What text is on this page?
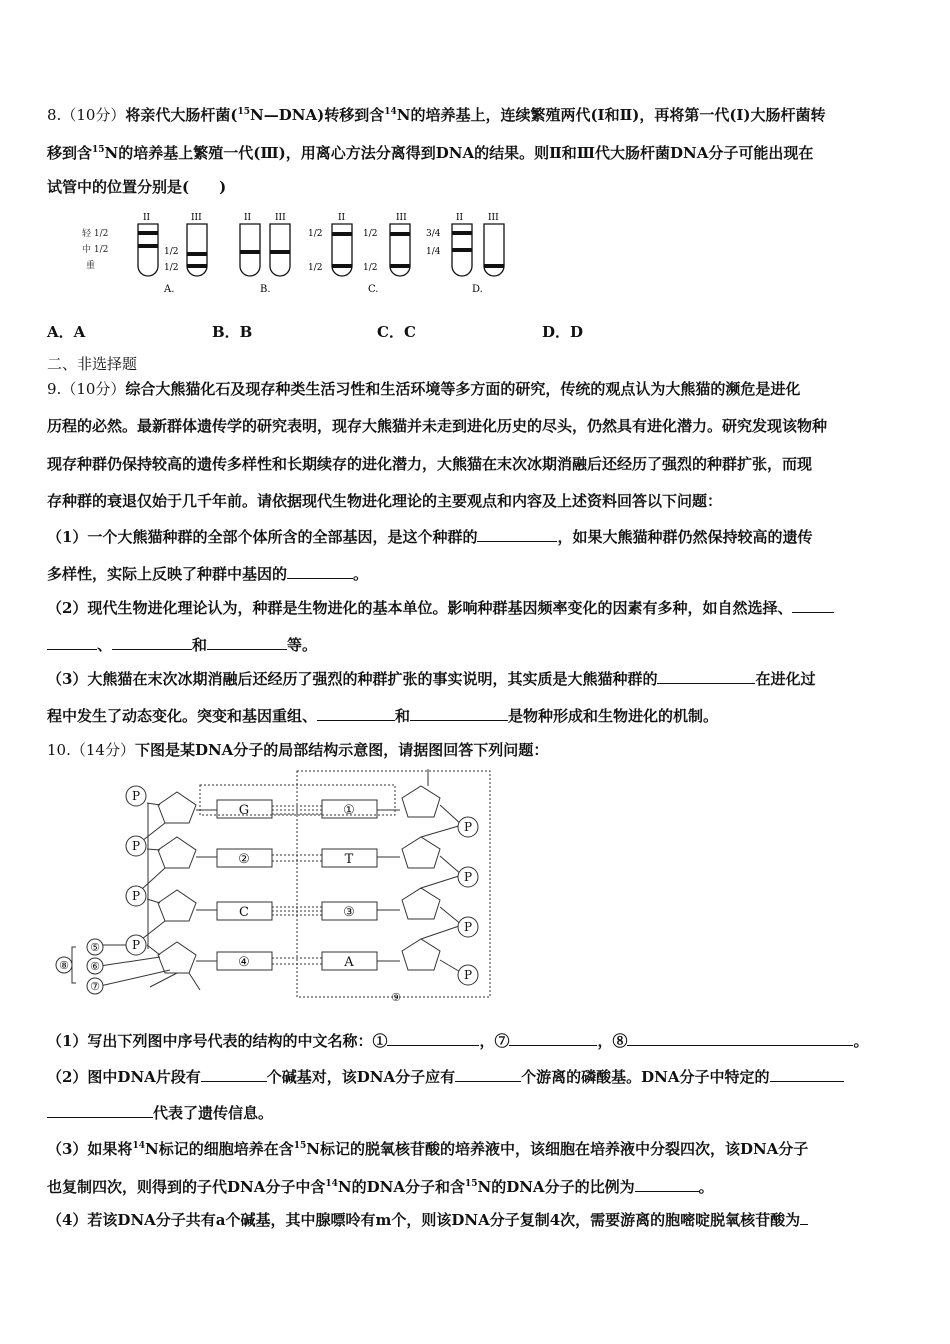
8.（10分）将亲代大肠杆菌($^{15}$N—DNA)转移到含$^{14}$N的培养基上，连续繁殖两代(Ⅰ和Ⅱ)，再将第一代(Ⅰ)大肠杆菌转
移到含$^{15}$N的培养基上繁殖一代(Ⅲ)，用离心方法分离得到DNA的结果。则Ⅱ和Ⅲ代大肠杆菌DNA分子可能出现在
试管中的位置分别是(　　)
轻 1/2
中 1/2
重
II	III
1/2
1/2
A.
II	III
B.
II	III
1/2
1/2
1/2
1/2
C.
II	III
3/4
1/4
D.
A．A	B．B	C．C	D．D
二、非选择题
9.（10分）综合大熊猫化石及现存种类生活习性和生活环境等多方面的研究，传统的观点认为大熊猫的濒危是进化
历程的必然。最新群体遗传学的研究表明，现存大熊猫并未走到进化历史的尽头，仍然具有进化潜力。研究发现该物种
现存种群仍保持较高的遗传多样性和长期续存的进化潜力，大熊猫在末次冰期消融后还经历了强烈的种群扩张，而现
存种群的衰退仅始于几千年前。请依据现代生物进化理论的主要观点和内容及上述资料回答以下问题：
（1）一个大熊猫种群的全部个体所含的全部基因，是这个种群的	，如果大熊猫种群仍然保持较高的遗传
多样性，实际上反映了种群中基因的	。
（2）现代生物进化理论认为，种群是生物进化的基本单位。影响种群基因频率变化的因素有多种，如自然选择、
、	和	等。
（3）大熊猫在末次冰期消融后还经历了强烈的种群扩张的事实说明，其实质是大熊猫种群的	在进化过
程中发生了动态变化。突变和基因重组、	和	是物种形成和生物进化的机制。
10.（14分）下图是某DNA分子的局部结构示意图，请据图回答下列问题：
P
P
P
P
P
P
P
P
G	①
②	T
C	③
④	A
⑤
⑥
⑦
⑧
⑨
（1）写出下列图中序号代表的结构的中文名称：①	，⑦	，⑧	。
（2）图中DNA片段有	个碱基对，该DNA分子应有	个游离的磷酸基。DNA分子中特定的
代表了遗传信息。
（3）如果将$^{14}$N标记的细胞培养在含$^{15}$N标记的脱氧核苷酸的培养液中，该细胞在培养液中分裂四次，该DNA分子
也复制四次，则得到的子代DNA分子中含$^{14}$N的DNA分子和含$^{15}$N的DNA分子的比例为	。
（4）若该DNA分子共有a个碱基，其中腺嘌呤有m个，则该DNA分子复制4次，需要游离的胞嘧啶脱氧核苷酸为
